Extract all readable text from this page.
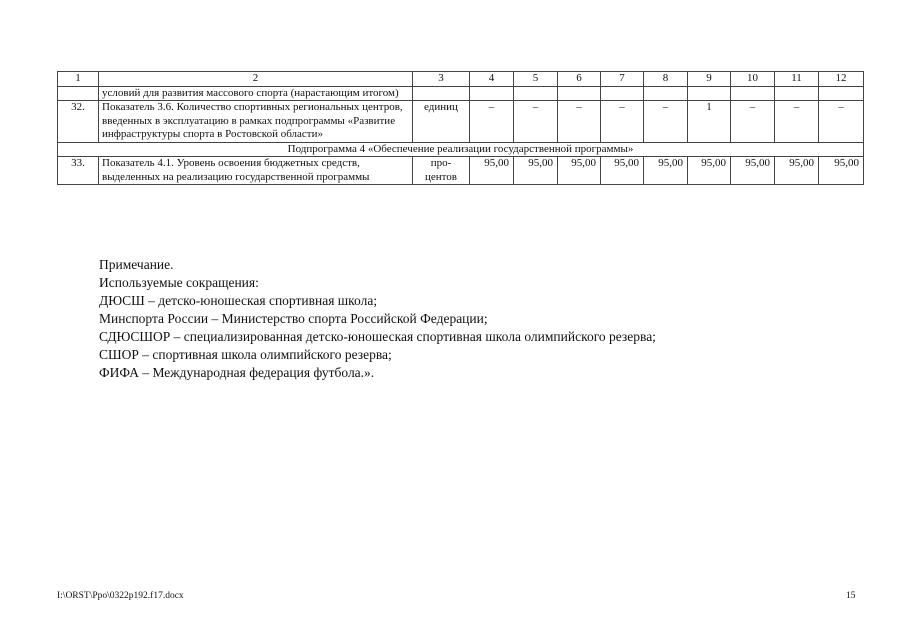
1	2	3	4	5	6	7	8	9	10	11	12
	условий для развития массового спорта (нарастающим итогом)										
32.	Показатель 3.6. Количество спортивных региональных центров, введенных в эксплуатацию в рамках подпрограммы «Развитие инфраструктуры спорта в Ростовской области»	единиц	–	–	–	–	–	1	–	–	–
Подпрограмма 4 «Обеспечение реализации государственной программы»											
33.	Показатель 4.1. Уровень освоения бюджетных средств, выделенных на реализацию государственной программы	про-
центов	95,00	95,00	95,00	95,00	95,00	95,00	95,00	95,00	95,00
Примечание.
Используемые сокращения:
ДЮСШ – детско-юношеская спортивная школа;
Минспорта России – Министерство спорта Российской Федерации;
СДЮСШОР – специализированная детско-юношеская спортивная школа олимпийского резерва;
СШОР – спортивная школа олимпийского резерва;
ФИФА – Международная федерация футбола.».
I:\ORST\Ppo\0322p192.f17.docx	15
